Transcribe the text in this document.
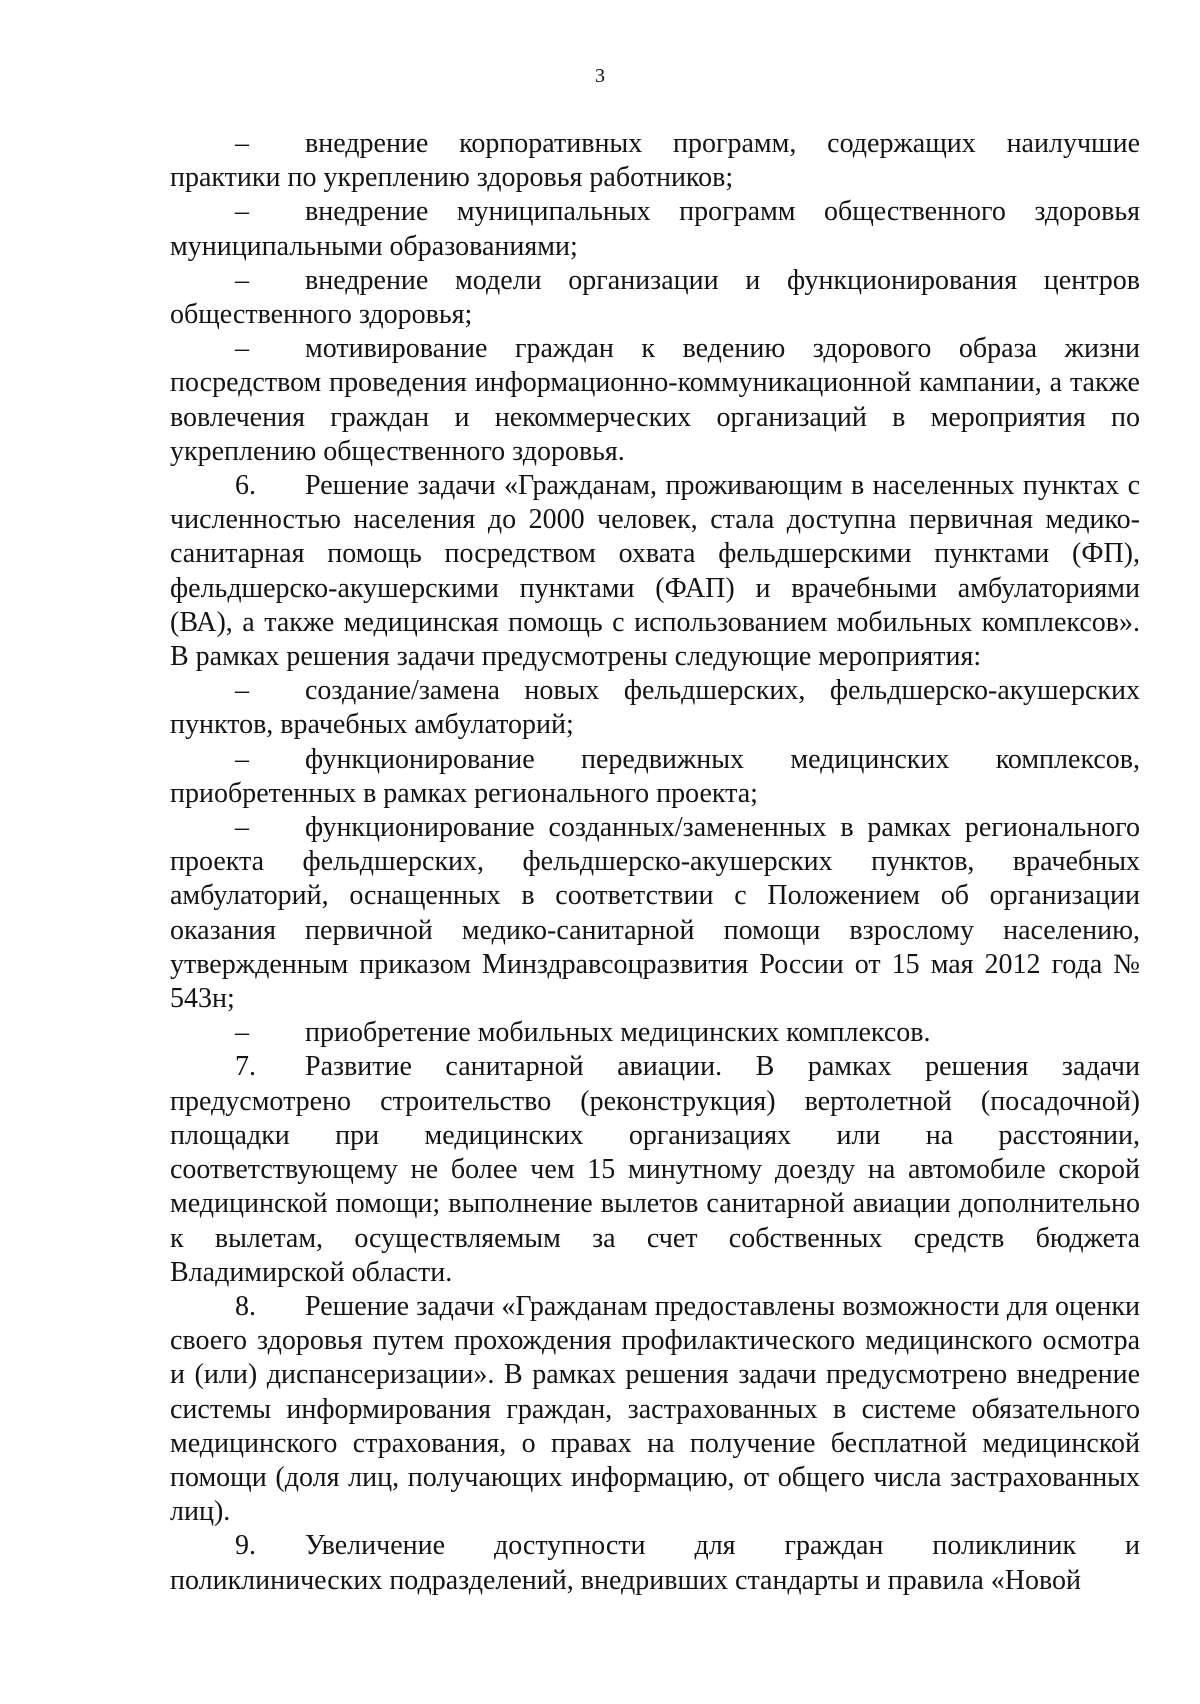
3

– внедрение корпоративных программ, содержащих наилучшие практики по укреплению здоровья работников;

– внедрение муниципальных программ общественного здоровья муниципальными образованиями;

– внедрение модели организации и функционирования центров общественного здоровья;

– мотивирование граждан к ведению здорового образа жизни посредством проведения информационно-коммуникационной кампании, а также вовлечения граждан и некоммерческих организаций в мероприятия по укреплению общественного здоровья.

6. Решение задачи «Гражданам, проживающим в населенных пунктах с численностью населения до 2000 человек, стала доступна первичная медико-санитарная помощь посредством охвата фельдшерскими пунктами (ФП), фельдшерско-акушерскими пунктами (ФАП) и врачебными амбулаториями (ВА), а также медицинская помощь с использованием мобильных комплексов». В рамках решения задачи предусмотрены следующие мероприятия:

– создание/замена новых фельдшерских, фельдшерско-акушерских пунктов, врачебных амбулаторий;

– функционирование передвижных медицинских комплексов, приобретенных в рамках регионального проекта;

– функционирование созданных/замененных в рамках регионального проекта фельдшерских, фельдшерско-акушерских пунктов, врачебных амбулаторий, оснащенных в соответствии с Положением об организации оказания первичной медико-санитарной помощи взрослому населению, утвержденным приказом Минздравсоцразвития России от 15 мая 2012 года № 543н;

– приобретение мобильных медицинских комплексов.

7. Развитие санитарной авиации. В рамках решения задачи предусмотрено строительство (реконструкция) вертолетной (посадочной) площадки при медицинских организациях или на расстоянии, соответствующему не более чем 15 минутному доезду на автомобиле скорой медицинской помощи; выполнение вылетов санитарной авиации дополнительно к вылетам, осуществляемым за счет собственных средств бюджета Владимирской области.

8. Решение задачи «Гражданам предоставлены возможности для оценки своего здоровья путем прохождения профилактического медицинского осмотра и (или) диспансеризации». В рамках решения задачи предусмотрено внедрение системы информирования граждан, застрахованных в системе обязательного медицинского страхования, о правах на получение бесплатной медицинской помощи (доля лиц, получающих информацию, от общего числа застрахованных лиц).

9. Увеличение доступности для граждан поликлиник и поликлинических подразделений, внедривших стандарты и правила «Новой
